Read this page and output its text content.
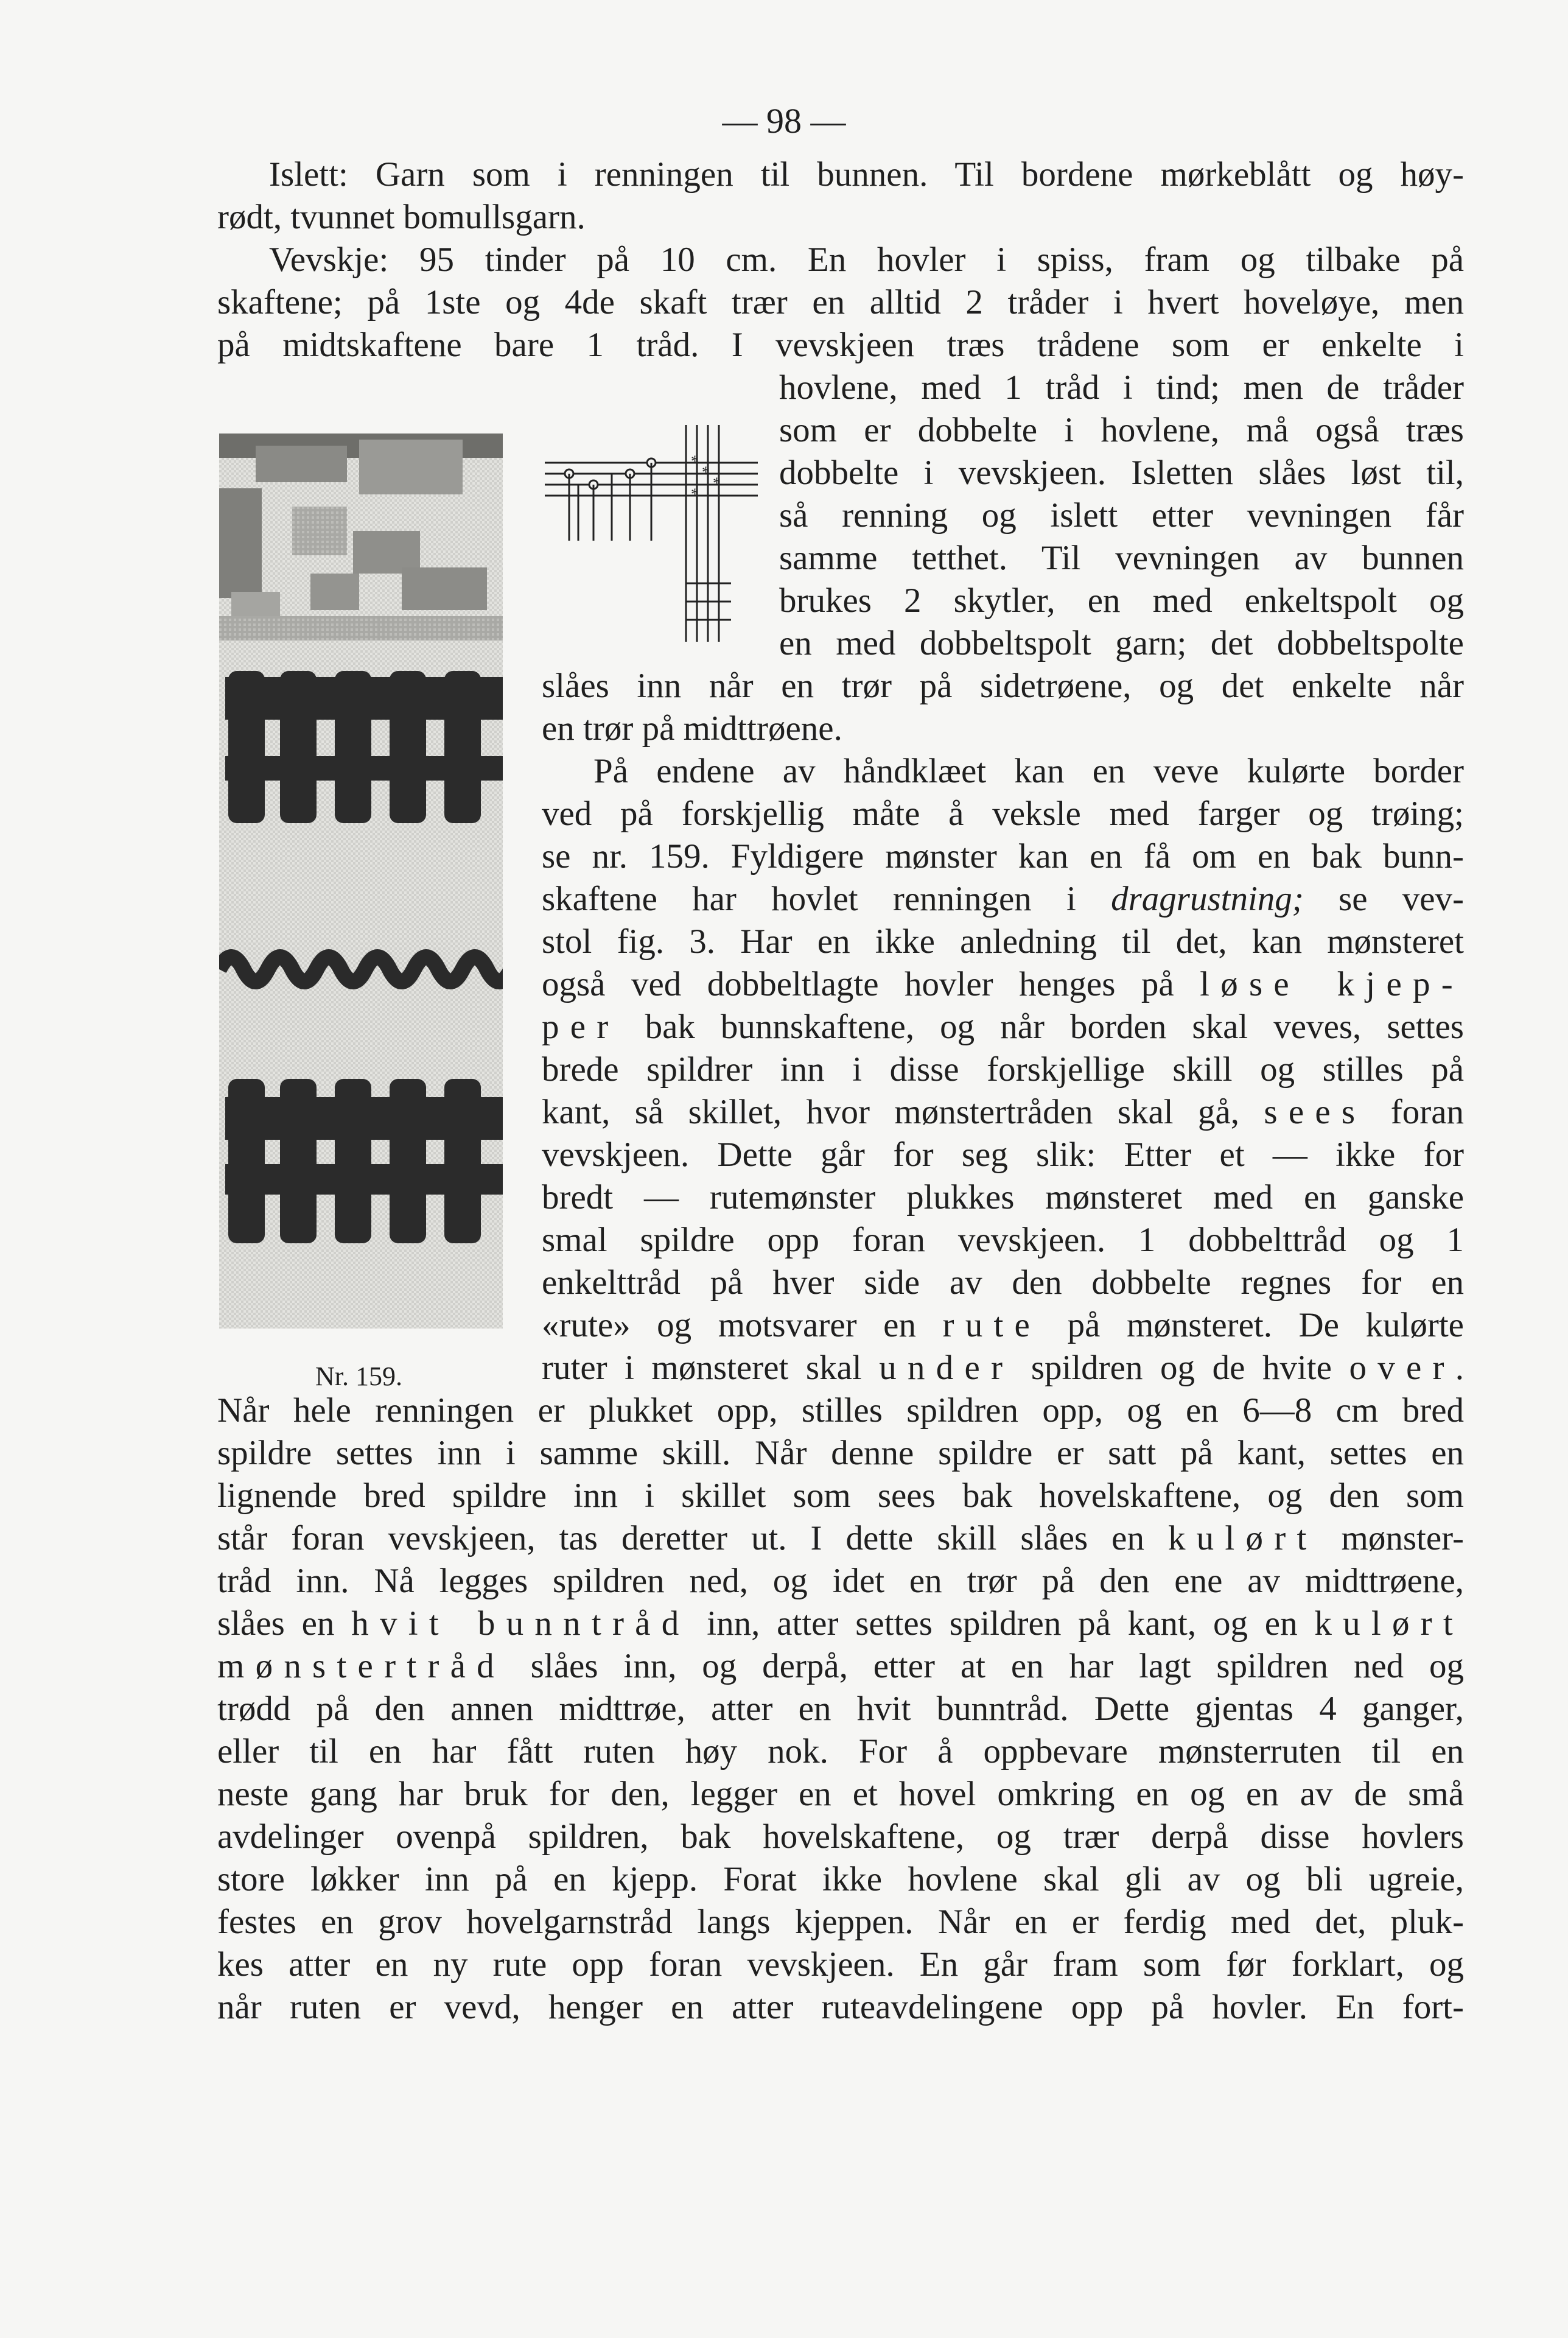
— 98 —
*
*
*
*
Nr. 159.
Islett: Garn som i renningen til bunnen. Til bordene mørkeblått og høy-
rødt, tvunnet bomullsgarn.
Vevskje: 95 tinder på 10 cm. En hovler i spiss, fram og tilbake på
skaftene; på 1ste og 4de skaft trær en alltid 2 tråder i hvert hoveløye, men
på midtskaftene bare 1 tråd. I vevskjeen træs trådene som er enkelte i
hovlene, med 1 tråd i tind; men de tråder
som er dobbelte i hovlene, må også træs
dobbelte i vevskjeen. Isletten slåes løst til,
så renning og islett etter vevningen får
samme tetthet. Til vevningen av bunnen
brukes 2 skytler, en med enkeltspolt og
en med dobbeltspolt garn; det dobbeltspolte
slåes inn når en trør på sidetrøene, og det enkelte når
en trør på midttrøene.
På endene av håndklæet kan en veve kulørte border
ved på forskjellig måte å veksle med farger og trøing;
se nr. 159. Fyldigere mønster kan en få om en bak bunn-
skaftene har hovlet renningen i dragrustning; se vev-
stol fig. 3. Har en ikke anledning til det, kan mønsteret
også ved dobbeltlagte hovler henges på løse kjep-
per bak bunnskaftene, og når borden skal veves, settes
brede spildrer inn i disse forskjellige skill og stilles på
kant, så skillet, hvor mønstertråden skal gå, sees foran
vevskjeen. Dette går for seg slik: Etter et — ikke for
bredt — rutemønster plukkes mønsteret med en ganske
smal spildre opp foran vevskjeen. 1 dobbelttråd og 1
enkelttråd på hver side av den dobbelte regnes for en
«rute» og motsvarer en rute på mønsteret. De kulørte
ruter i mønsteret skal under spildren og de hvite over.
Når hele renningen er plukket opp, stilles spildren opp, og en 6—8 cm bred
spildre settes inn i samme skill. Når denne spildre er satt på kant, settes en
lignende bred spildre inn i skillet som sees bak hovelskaftene, og den som
står foran vevskjeen, tas deretter ut. I dette skill slåes en kulørt mønster-
tråd inn. Nå legges spildren ned, og idet en trør på den ene av midttrøene,
slåes en hvit bunntråd inn, atter settes spildren på kant, og en kulørt
mønstertråd slåes inn, og derpå, etter at en har lagt spildren ned og
trødd på den annen midttrøe, atter en hvit bunntråd. Dette gjentas 4 ganger,
eller til en har fått ruten høy nok. For å oppbevare mønsterruten til en
neste gang har bruk for den, legger en et hovel omkring en og en av de små
avdelinger ovenpå spildren, bak hovelskaftene, og trær derpå disse hovlers
store løkker inn på en kjepp. Forat ikke hovlene skal gli av og bli ugreie,
festes en grov hovelgarnstråd langs kjeppen. Når en er ferdig med det, pluk-
kes atter en ny rute opp foran vevskjeen. En går fram som før forklart, og
når ruten er vevd, henger en atter ruteavdelingene opp på hovler. En fort-
